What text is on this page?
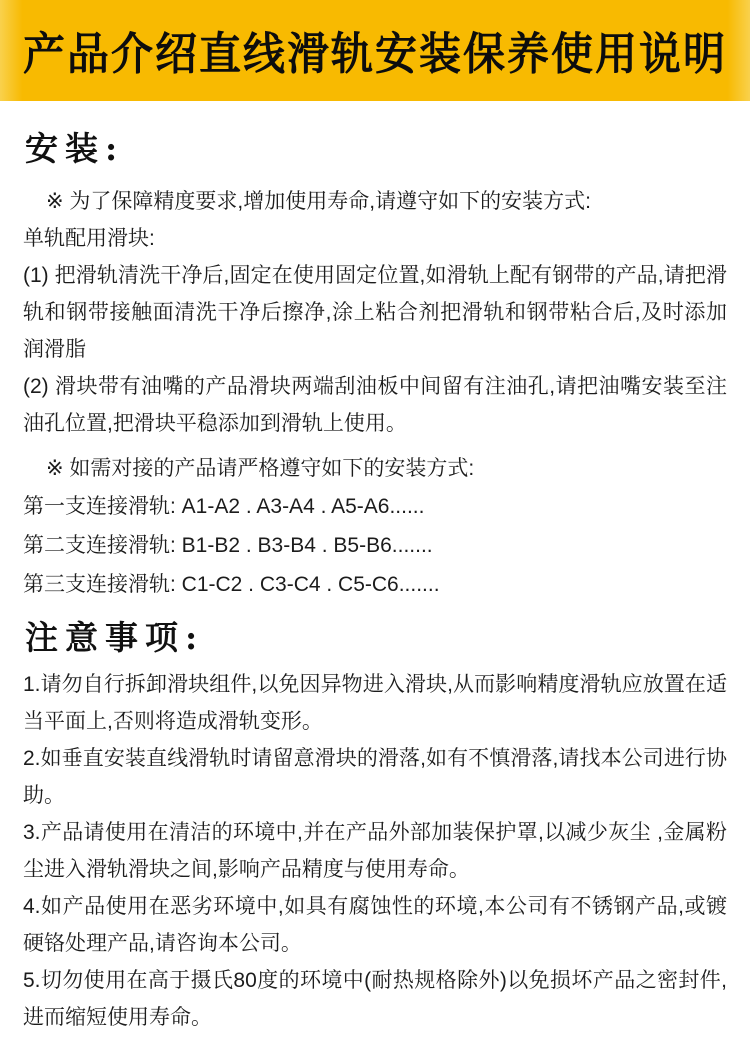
产品介绍直线滑轨安装保养使用说明
安装:

※ 为了保障精度要求,增加使用寿命,请遵守如下的安装方式:

单轨配用滑块:

(1) 把滑轨清洗干净后,固定在使用固定位置,如滑轨上配有钢带的产品,请把滑轨和钢带接触面清洗干净后擦净,涂上粘合剂把滑轨和钢带粘合后,及时添加润滑脂

(2) 滑块带有油嘴的产品滑块两端刮油板中间留有注油孔,请把油嘴安装至注油孔位置,把滑块平稳添加到滑轨上使用。

※ 如需对接的产品请严格遵守如下的安装方式:

第一支连接滑轨: A1-A2 . A3-A4 . A5-A6......

第二支连接滑轨: B1-B2 . B3-B4 . B5-B6.......

第三支连接滑轨: C1-C2 . C3-C4 . C5-C6.......

注意事项:

1.请勿自行拆卸滑块组件,以免因异物进入滑块,从而影响精度滑轨应放置在适当平面上,否则将造成滑轨变形。

2.如垂直安装直线滑轨时请留意滑块的滑落,如有不慎滑落,请找本公司进行协助。

3.产品请使用在清洁的环境中,并在产品外部加装保护罩,以减少灰尘 ,金属粉尘进入滑轨滑块之间,影响产品精度与使用寿命。

4.如产品使用在恶劣环境中,如具有腐蚀性的环境,本公司有不锈钢产品,或镀硬铬处理产品,请咨询本公司。

5.切勿使用在高于摄氏80度的环境中(耐热规格除外)以免损坏产品之密封件,进而缩短使用寿命。
